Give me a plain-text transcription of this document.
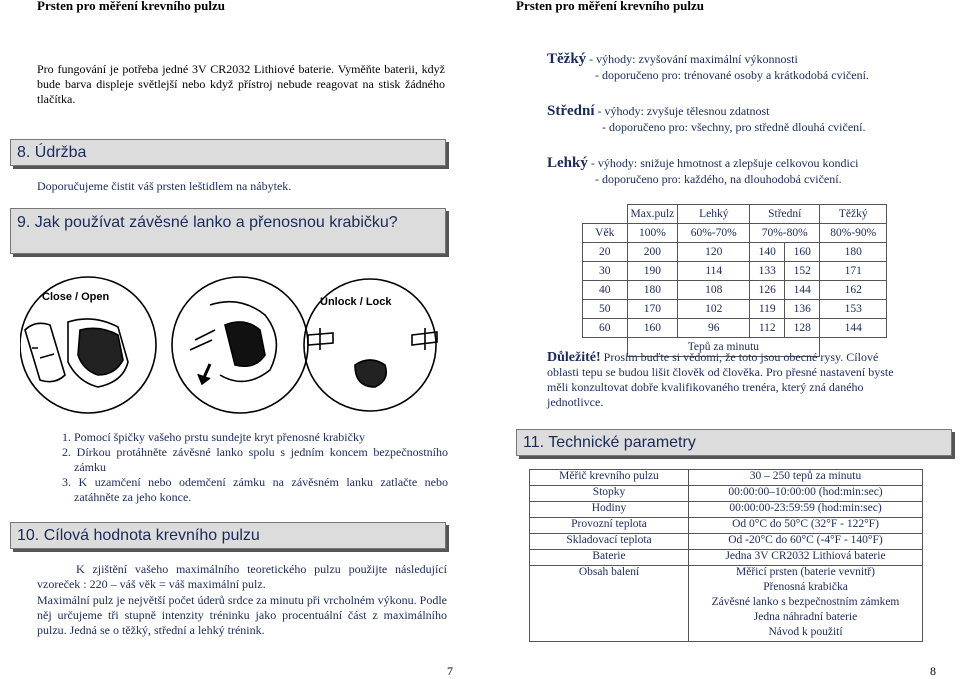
Prsten pro měření krevního pulzu	Prsten pro měření krevního pulzu
Pro fungování je potřeba jedné 3V CR2032 Lithiové baterie. Vyměňte baterii, když bude barva displeje světlejší nebo když přístroj nebude reagovat na stisk žádného tlačítka.
8. Údržba
Doporučujeme čistit váš prsten leštidlem na nábytek.
9. Jak používat závěsné lanko a přenosnou krabičku?
Close / Open	Unlock / Lock
1. Pomocí špičky vašeho prstu sundejte kryt přenosné krabičky
2. Dírkou protáhněte závěsné lanko spolu s jedním koncem bezpečnostního zámku
3. K uzamčení nebo odemčení zámku na závěsném lanku zatlačte nebo zatáhněte za jeho konce.
10. Cílová hodnota krevního pulzu
K zjištění vašeho maximálního teoretického pulzu použijte následující vzoreček : 220 – váš věk = váš maximální pulz.
Maximální pulz je největší počet úderů srdce za minutu při vrcholném výkonu. Podle něj určujeme tři stupně intenzity tréninku jako procentuální část z maximálního pulzu. Jedná se o těžký, střední a lehký trénink.
7
Těžký - výhody: zvyšování maximální výkonnosti
- doporučeno pro: trénované osoby a krátkodobá cvičení.
Střední - výhody: zvyšuje tělesnou zdatnost
- doporučeno pro: všechny, pro středně dlouhá cvičení.
Lehký - výhody: snižuje hmotnost a zlepšuje celkovou kondici
- doporučeno pro: každého, na dlouhodobá cvičení.
	Max.pulz	Lehký	Střední		Těžký
Věk	100%	60%-70%	70%-80%		80%-90%
20	200	120	140	160	180
30	190	114	133	152	171
40	180	108	126	144	162
50	170	102	119	136	153
60	160	96	112	128	144
	Tepů za minutu				
Důležité! Prosím buďte si vědomi, že toto jsou obecné rysy. Cílové oblasti tepu se budou lišit člověk od člověka. Pro přesné nastavení byste měli konzultovat dobře kvalifikovaného trenéra, který zná daného jednotlivce.
11. Technické parametry
Měřič krevního pulzu	30 – 250 tepů za minutu
Stopky	00:00:00–10:00:00 (hod:min:sec)
Hodiny	00:00:00-23:59:59 (hod:min:sec)
Provozní teplota	Od 0°C do 50°C (32°F - 122°F)
Skladovací teplota	Od -20°C do 60°C (-4°F - 140°F)
Baterie	Jedna 3V CR2032 Lithiová baterie
Obsah balení	Měřicí prsten (baterie vevnitř)
	Přenosná krabička
	Závěsné lanko s bezpečnostním zámkem
	Jedna náhradní baterie
	Návod k použití
8
